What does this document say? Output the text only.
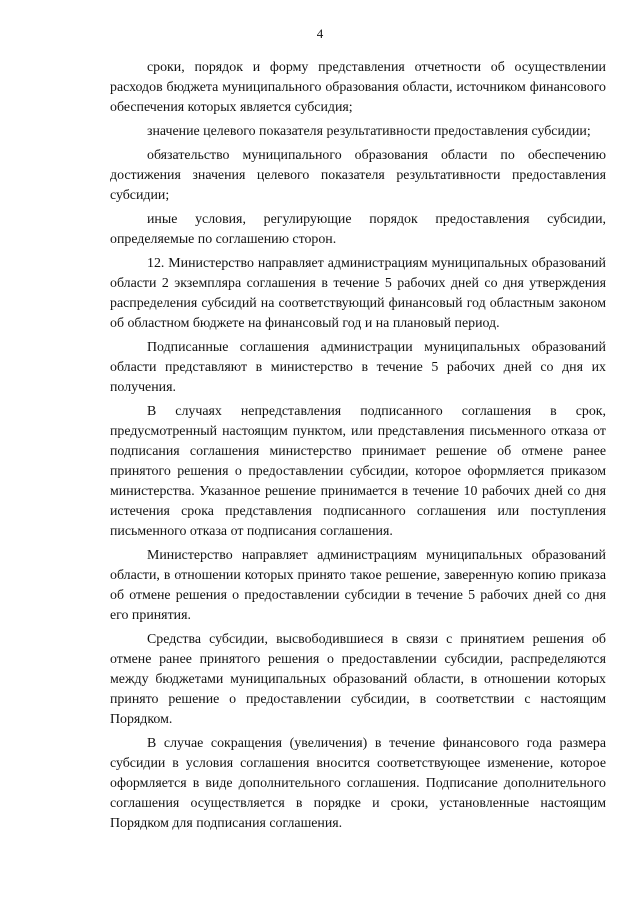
4

сроки, порядок и форму представления отчетности об осуществлении расходов бюджета муниципального образования области, источником финансового обеспечения которых является субсидия;

значение целевого показателя результативности предоставления субсидии;

обязательство муниципального образования области по обеспечению достижения значения целевого показателя результативности предоставления субсидии;

иные условия, регулирующие порядок предоставления субсидии, определяемые по соглашению сторон.

12. Министерство направляет администрациям муниципальных образований области 2 экземпляра соглашения в течение 5 рабочих дней со дня утверждения распределения субсидий на соответствующий финансовый год областным законом об областном бюджете на финансовый год и на плановый период.

Подписанные соглашения администрации муниципальных образований области представляют в министерство в течение 5 рабочих дней со дня их получения.

В случаях непредставления подписанного соглашения в срок, предусмотренный настоящим пунктом, или представления письменного отказа от подписания соглашения министерство принимает решение об отмене ранее принятого решения о предоставлении субсидии, которое оформляется приказом министерства. Указанное решение принимается в течение 10 рабочих дней со дня истечения срока представления подписанного соглашения или поступления письменного отказа от подписания соглашения.

Министерство направляет администрациям муниципальных образований области, в отношении которых принято такое решение, заверенную копию приказа об отмене решения о предоставлении субсидии в течение 5 рабочих дней со дня его принятия.

Средства субсидии, высвободившиеся в связи с принятием решения об отмене ранее принятого решения о предоставлении субсидии, распределяются между бюджетами муниципальных образований области, в отношении которых принято решение о предоставлении субсидии, в соответствии с настоящим Порядком.

В случае сокращения (увеличения) в течение финансового года размера субсидии в условия соглашения вносится соответствующее изменение, которое оформляется в виде дополнительного соглашения. Подписание дополнительного соглашения осуществляется в порядке и сроки, установленные настоящим Порядком для подписания соглашения.
